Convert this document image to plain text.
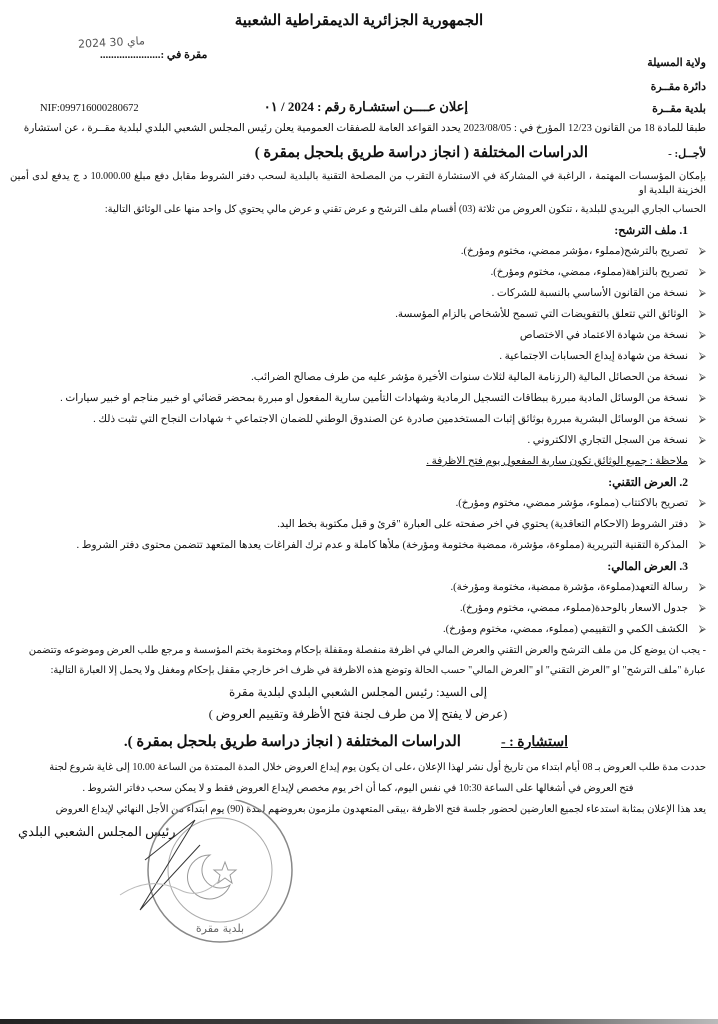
الجمهورية الجزائرية الديمقراطية الشعبية
2024 ماي 30
مقرة في :......................
ولاية المسيلة
دائرة مقــرة
بلدية مقــرة
إعلان عــــن استشـارة رقم : 2024 / ٠١
NIF:099716000280672
طبقا للمادة 18 من القانون 12/23 المؤرخ في : 2023/08/05 يحدد القواعد العامة للصفقات العمومية يعلن رئيس المجلس الشعبي البلدي لبلدية مقــرة ، عن استشارة
لأجــل: -
الدراسات المختلفة ( انجاز دراسة طريق بلحجل بمقرة )
بإمكان المؤسسات المهتمة ، الراغبة في المشاركة في الاستشارة التقرب من المصلحة التقنية بالبلدية لسحب دفتر الشروط مقابل دفع مبلغ 10.000.00 د ج يدفع لدى أمين الخزينة البلدية او
الحساب الجاري البريدي للبلدية ، تتكون العروض من ثلاثة (03) أقسام ملف الترشح و عرض تقني و عرض مالي يحتوي كل واحد منها على الوثائق التالية:
1. ملف الترشح:
⮚
تصريح بالترشح(مملوء ،مؤشر ممضي، مختوم ومؤرخ).
⮚
تصريح بالنزاهة(مملوء، ممضي، مختوم ومؤرخ).
⮚
نسخة من القانون الأساسي بالنسبة للشركات .
⮚
الوثائق التي تتعلق بالتفويضات التي تسمح للأشخاص بالزام المؤسسة.
⮚
نسخة من شهادة الاعتماد في الاختصاص
⮚
نسخة من شهادة إيداع الحسابات الاجتماعية .
⮚
نسخة من الحصائل المالية (الرزنامة المالية لثلاث سنوات الأخيرة مؤشر عليه من طرف مصالح الضرائب.
⮚
نسخة من الوسائل المادية مبررة ببطاقات التسجيل الرمادية وشهادات التأمين سارية المفعول او مبررة بمحضر قضائي او خبير مناجم او خبير سيارات .
⮚
نسخة من الوسائل البشرية مبررة بوثائق إثبات المستخدمين صادرة عن الصندوق الوطني للضمان الاجتماعي + شهادات النجاح التي تثبت ذلك .
⮚
نسخة من السجل التجاري الالكتروني .
⮚
ملاحظة : جميع الوثائق تكون سارية المفعول يوم فتح الاظرفة .
2. العرض التقني:
⮚
تصريح بالاكتتاب (مملوء، مؤشر ممضي، مختوم ومؤرخ).
⮚
دفتر الشروط (الاحكام التعاقدية) يحتوي في اخر صفحته على العبارة "قرئ و قبل مكتوبة بخط اليد.
⮚
المذكرة التقنية التبريرية (مملوءة، مؤشرة، ممضية مختومة ومؤرخة) ملأها كاملة و عدم ترك الفراغات يعدها المتعهد تتضمن محتوى دفتر الشروط .
3. العرض المالي:
⮚
رسالة التعهد(مملوءة، مؤشرة ممضية، مختومة ومؤرخة).
⮚
جدول الاسعار بالوحدة(مملوء، ممضي، مختوم ومؤرخ).
⮚
الكشف الكمي و التقييمي (مملوء، ممضي، مختوم ومؤرخ).
- يجب ان يوضع كل من ملف الترشح والعرض التقني والعرض المالي في اظرفة منفصلة ومقفلة بإحكام ومختومة بختم المؤسسة و مرجع طلب العرض وموضوعه وتتضمن
عبارة "ملف الترشح" او "العرض التقني" او "العرض المالي" حسب الحالة وتوضع هذه الاظرفة في ظرف اخر خارجي مقفل بإحكام ومغفل ولا يحمل إلا العبارة التالية:
إلى السيد: رئيس المجلس الشعبي البلدي لبلدية مقرة
(عرض لا يفتح إلا من طرف لجنة فتح الأظرفة وتقييم العروض )
استشارة : -
الدراسات المختلفة ( انجاز دراسة طريق بلحجل بمقرة ).
حددت مدة طلب العروض بـ 08 أيام ابتداء من تاريخ أول نشر لهذا الإعلان ،على ان يكون يوم إيداع العروض خلال المدة الممتدة من الساعة 10.00 إلى غاية شروع لجنة
فتح العروض في أشغالها على الساعة 10:30 في نفس اليوم، كما أن اخر يوم مخصص لإيداع العروض فقط و لا يمكن سحب دفاتر الشروط .
يعد هذا الإعلان بمثابة استدعاء لجميع العارضين لحضور جلسة فتح الاظرفة ،يبقى المتعهدون ملزمون بعروضهم لمدة (90) يوم ابتداء من الأجل النهائي لإيداع العروض
رئيس المجلس الشعبي البلدي
بلدية مقرة
